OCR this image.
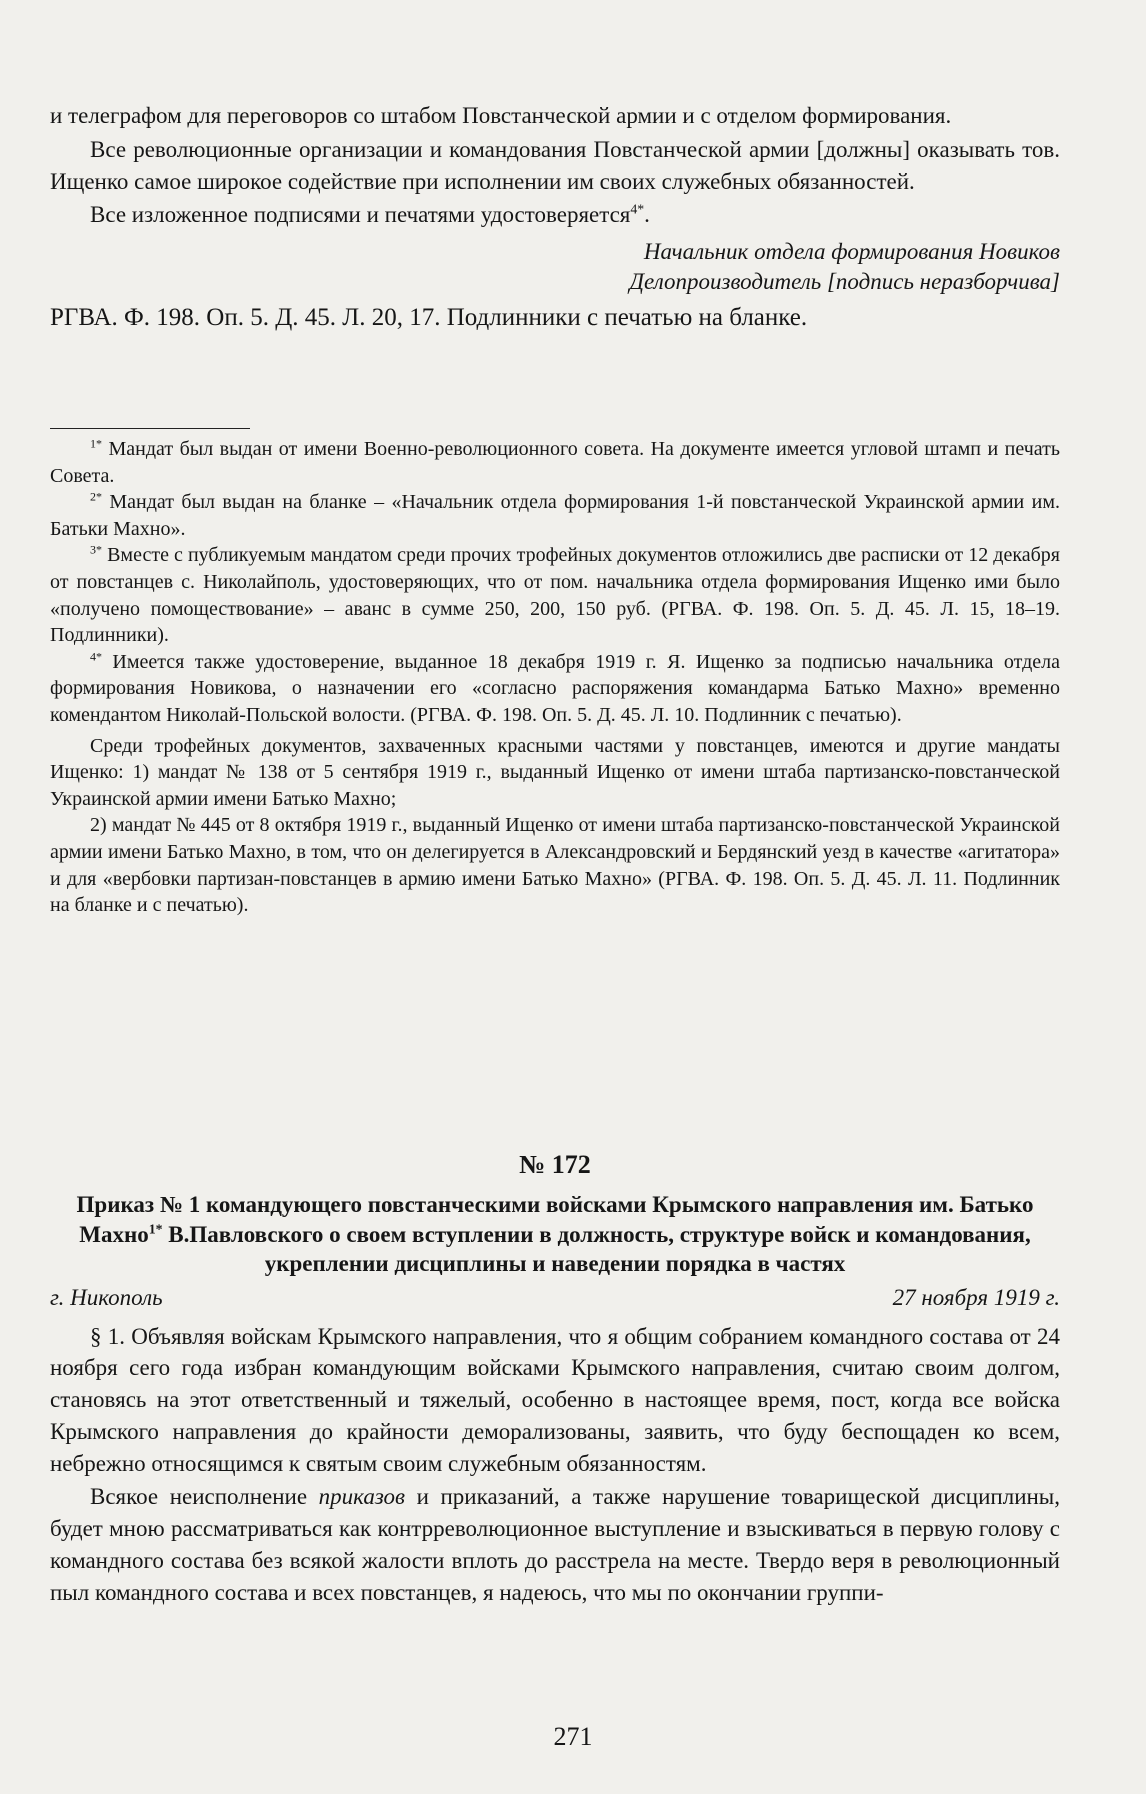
и телеграфом для переговоров со штабом Повстанческой армии и с отделом формирования.

Все революционные организации и командования Повстанческой армии [должны] оказывать тов. Ищенко самое широкое содействие при исполнении им своих служебных обязанностей.

Все изложенное подписями и печатями удостоверяется$^{4*}$.

Начальник отдела формирования Новиков

Делопроизводитель [подпись неразборчива]

РГВА. Ф. 198. Оп. 5. Д. 45. Л. 20, 17. Подлинники с печатью на бланке.

$^{1*}$ Мандат был выдан от имени Военно-революционного совета. На документе имеется угловой штамп и печать Совета.

$^{2*}$ Мандат был выдан на бланке – «Начальник отдела формирования 1-й повстанческой Украинской армии им. Батьки Махно».

$^{3*}$ Вместе с публикуемым мандатом среди прочих трофейных документов отложились две расписки от 12 декабря от повстанцев с. Николайполь, удостоверяющих, что от пом. начальника отдела формирования Ищенко ими было «получено помоществование» – аванс в сумме 250, 200, 150 руб. (РГВА. Ф. 198. Оп. 5. Д. 45. Л. 15, 18–19. Подлинники).

$^{4*}$ Имеется также удостоверение, выданное 18 декабря 1919 г. Я. Ищенко за подписью начальника отдела формирования Новикова, о назначении его «согласно распоряжения командарма Батько Махно» временно комендантом Николай-Польской волости. (РГВА. Ф. 198. Оп. 5. Д. 45. Л. 10. Подлинник с печатью).

Среди трофейных документов, захваченных красными частями у повстанцев, имеются и другие мандаты Ищенко: 1) мандат № 138 от 5 сентября 1919 г., выданный Ищенко от имени штаба партизанско-повстанческой Украинской армии имени Батько Махно;

2) мандат № 445 от 8 октября 1919 г., выданный Ищенко от имени штаба партизанско-повстанческой Украинской армии имени Батько Махно, в том, что он делегируется в Александровский и Бердянский уезд в качестве «агитатора» и для «вербовки партизан-повстанцев в армию имени Батько Махно» (РГВА. Ф. 198. Оп. 5. Д. 45. Л. 11. Подлинник на бланке и с печатью).

№ 172

Приказ № 1 командующего повстанческими войсками Крымского направления им. Батько Махно$^{1*}$ В.Павловского о своем вступлении в должность, структуре войск и командования, укреплении дисциплины и наведении порядка в частях

г. Никополь	27 ноября 1919 г.

§ 1. Объявляя войскам Крымского направления, что я общим собранием командного состава от 24 ноября сего года избран командующим войсками Крымского направления, считаю своим долгом, становясь на этот ответственный и тяжелый, особенно в настоящее время, пост, когда все войска Крымского направления до крайности деморализованы, заявить, что буду беспощаден ко всем, небрежно относящимся к святым своим служебным обязанностям.

Всякое неисполнение приказов и приказаний, а также нарушение товарищеской дисциплины, будет мною рассматриваться как контрреволюционное выступление и взыскиваться в первую голову с командного состава без всякой жалости вплоть до расстрела на месте. Твердо веря в революционный пыл командного состава и всех повстанцев, я надеюсь, что мы по окончании группи-

271
